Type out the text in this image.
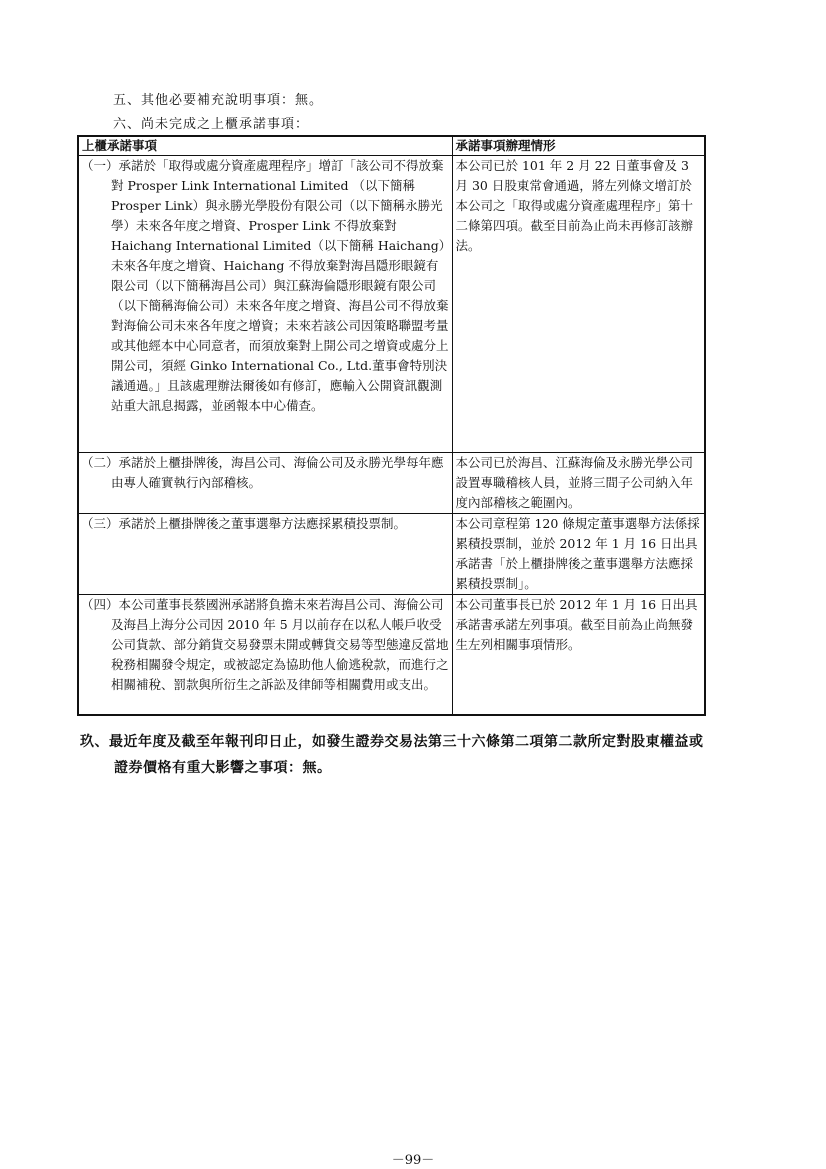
五、其他必要補充說明事項：無。
六、尚未完成之上櫃承諾事項：
上櫃承諾事項	承諾事項辦理情形

（一）承諾於「取得或處分資產處理程序」增訂「該公司不得放棄對 Prosper Link International Limited （以下簡稱 Prosper Link）與永勝光學股份有限公司（以下簡稱永勝光學）未來各年度之增資、Prosper Link 不得放棄對 Haichang International Limited（以下簡稱 Haichang）未來各年度之增資、Haichang 不得放棄對海昌隱形眼鏡有限公司（以下簡稱海昌公司）與江蘇海倫隱形眼鏡有限公司（以下簡稱海倫公司）未來各年度之增資、海昌公司不得放棄對海倫公司未來各年度之增資；未來若該公司因策略聯盟考量或其他經本中心同意者，而須放棄對上開公司之增資或處分上開公司，須經 Ginko International Co., Ltd.董事會特別決議通過。」且該處理辦法爾後如有修訂，應輸入公開資訊觀測站重大訊息揭露，並函報本中心備查。	本公司已於 101 年 2 月 22 日董事會及 3 月 30 日股東常會通過，將左列條文增訂於本公司之「取得或處分資產處理程序」第十二條第四項。截至目前為止尚未再修訂該辦法。

（二）承諾於上櫃掛牌後，海昌公司、海倫公司及永勝光學每年應由專人確實執行內部稽核。	本公司已於海昌、江蘇海倫及永勝光學公司設置專職稽核人員，並將三間子公司納入年度內部稽核之範圍內。

（三）承諾於上櫃掛牌後之董事選舉方法應採累積投票制。	本公司章程第 120 條規定董事選舉方法係採累積投票制，並於 2012 年 1 月 16 日出具承諾書「於上櫃掛牌後之董事選舉方法應採累積投票制」。

（四）本公司董事長蔡國洲承諾將負擔未來若海昌公司、海倫公司及海昌上海分公司因 2010 年 5 月以前存在以私人帳戶收受公司貨款、部分銷貨交易發票未開或轉貨交易等型態違反當地稅務相關發令規定，或被認定為協助他人偷逃稅款，而進行之相關補稅、罰款與所衍生之訴訟及律師等相關費用或支出。	本公司董事長已於 2012 年 1 月 16 日出具承諾書承諾左列事項。截至目前為止尚無發生左列相關事項情形。
玖、最近年度及截至年報刊印日止，如發生證券交易法第三十六條第二項第二款所定對股東權益或
證券價格有重大影響之事項：無。
－99－
